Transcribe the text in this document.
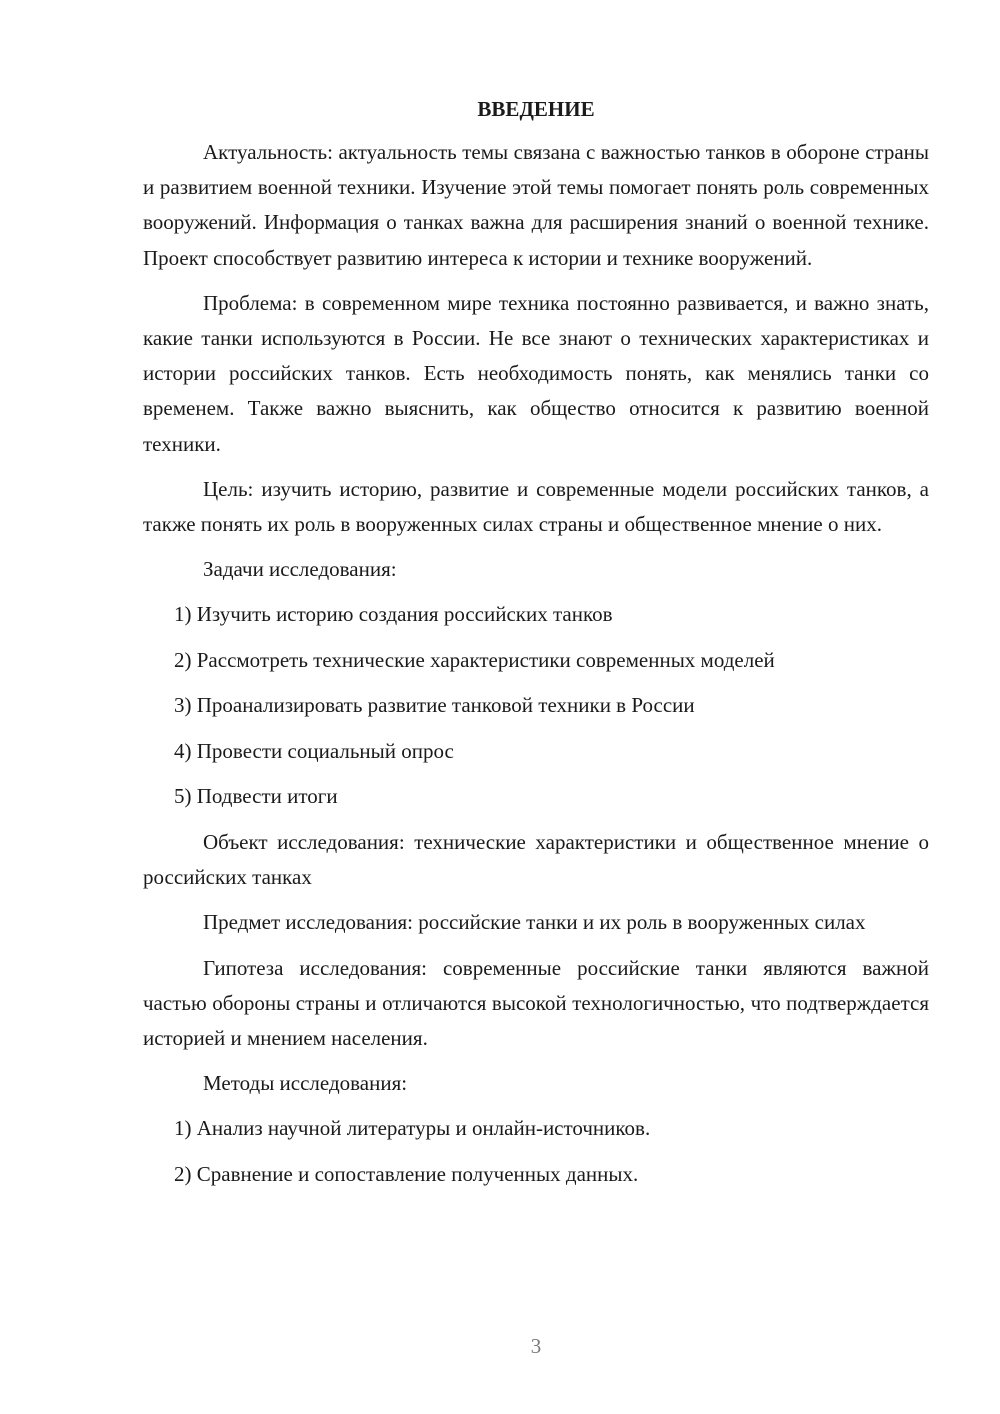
ВВЕДЕНИЕ

Актуальность: актуальность темы связана с важностью танков в обороне страны и развитием военной техники. Изучение этой темы помогает понять роль современных вооружений. Информация о танках важна для расширения знаний о военной технике. Проект способствует развитию интереса к истории и технике вооружений.

Проблема: в современном мире техника постоянно развивается, и важно знать, какие танки используются в России. Не все знают о технических характеристиках и истории российских танков. Есть необходимость понять, как менялись танки со временем. Также важно выяснить, как общество относится к развитию военной техники.

Цель: изучить историю, развитие и современные модели российских танков, а также понять их роль в вооруженных силах страны и общественное мнение о них.

Задачи исследования:

1) Изучить историю создания российских танков
2) Рассмотреть технические характеристики современных моделей
3) Проанализировать развитие танковой техники в России
4) Провести социальный опрос
5) Подвести итоги

Объект исследования: технические характеристики и общественное мнение о российских танках

Предмет исследования: российские танки и их роль в вооруженных силах

Гипотеза исследования: современные российские танки являются важной частью обороны страны и отличаются высокой технологичностью, что подтверждается историей и мнением населения.

Методы исследования:

1) Анализ научной литературы и онлайн-источников.
2) Сравнение и сопоставление полученных данных.
3
